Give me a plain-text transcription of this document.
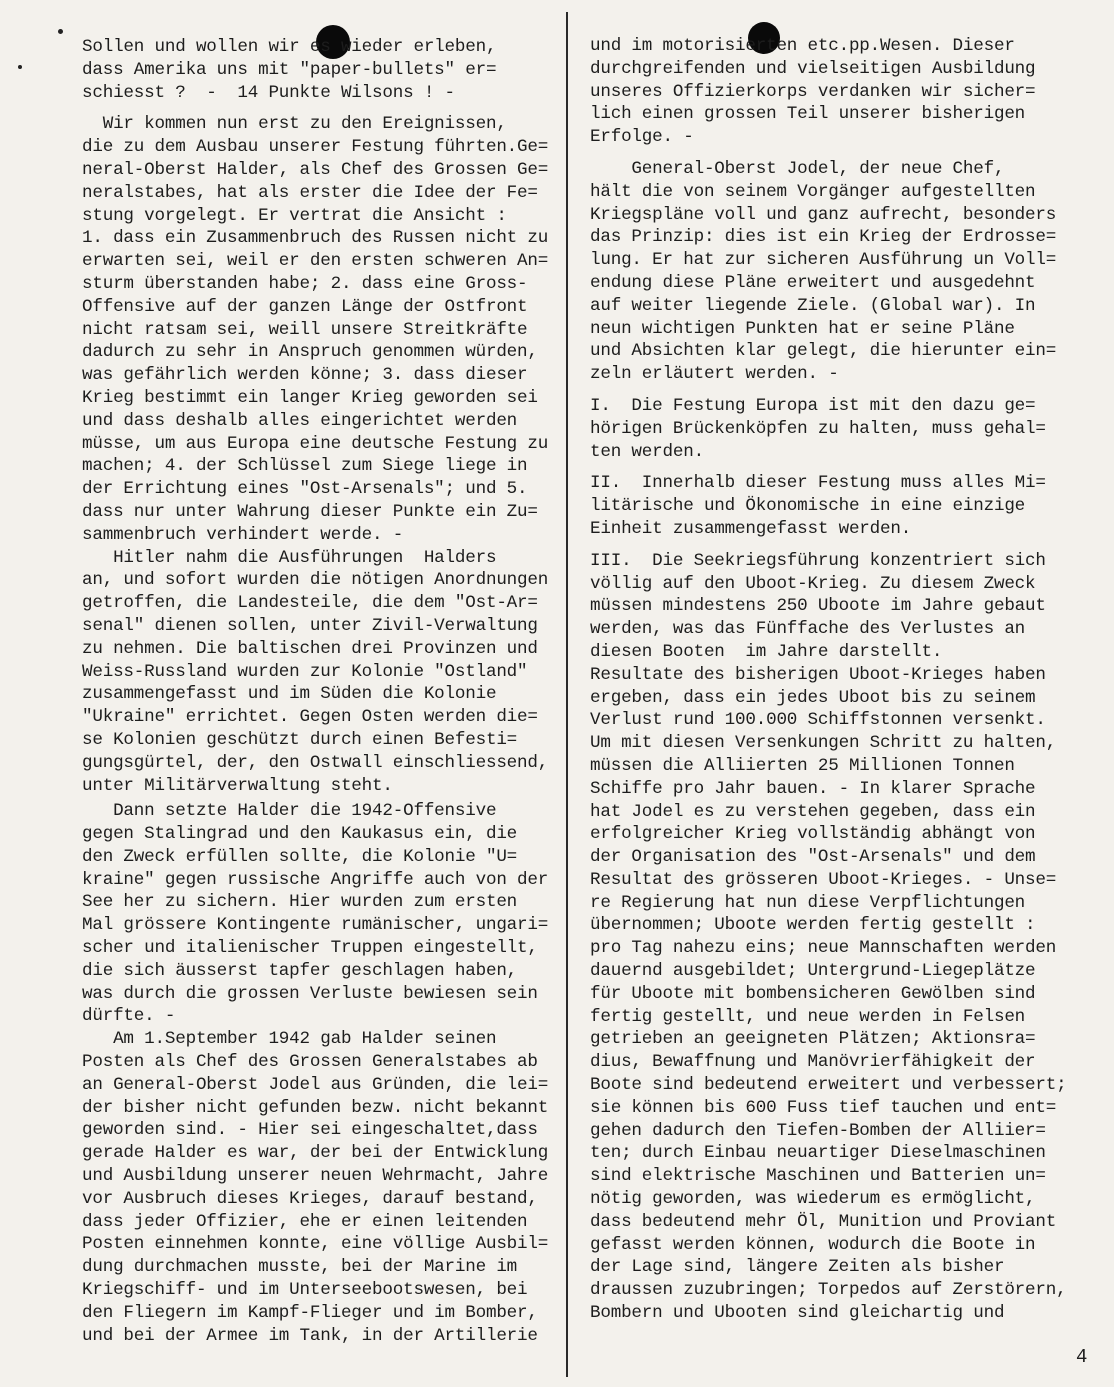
Sollen und wollen wir es wieder erleben,
dass Amerika uns mit "paper-bullets" er=
schiesst ?  -  14 Punkte Wilsons ! -

Wir kommen nun erst zu den Ereignissen,
die zu dem Ausbau unserer Festung führten.Ge=
neral-Oberst Halder, als Chef des Grossen Ge=
neralstabes, hat als erster die Idee der Fe=
stung vorgelegt. Er vertrat die Ansicht :
1. dass ein Zusammenbruch des Russen nicht zu
erwarten sei, weil er den ersten schweren An=
sturm überstanden habe; 2. dass eine Gross-
Offensive auf der ganzen Länge der Ostfront
nicht ratsam sei, weill unsere Streitkräfte
dadurch zu sehr in Anspruch genommen würden,
was gefährlich werden könne; 3. dass dieser
Krieg bestimmt ein langer Krieg geworden sei
und dass deshalb alles eingerichtet werden
müsse, um aus Europa eine deutsche Festung zu
machen; 4. der Schlüssel zum Siege liege in
der Errichtung eines "Ost-Arsenals"; und 5.
dass nur unter Wahrung dieser Punkte ein Zu=
sammenbruch verhindert werde. -

Hitler nahm die Ausführungen  Halders
an, und sofort wurden die nötigen Anordnungen
getroffen, die Landesteile, die dem "Ost-Ar=
senal" dienen sollen, unter Zivil-Verwaltung
zu nehmen. Die baltischen drei Provinzen und
Weiss-Russland wurden zur Kolonie "Ostland"
zusammengefasst und im Süden die Kolonie
"Ukraine" errichtet. Gegen Osten werden die=
se Kolonien geschützt durch einen Befesti=
gungsgürtel, der, den Ostwall einschliessend,
unter Militärverwaltung steht.

Dann setzte Halder die 1942-Offensive
gegen Stalingrad und den Kaukasus ein, die
den Zweck erfüllen sollte, die Kolonie "U=
kraine" gegen russische Angriffe auch von der
See her zu sichern. Hier wurden zum ersten
Mal grössere Kontingente rumänischer, ungari=
scher und italienischer Truppen eingestellt,
die sich äusserst tapfer geschlagen haben,
was durch die grossen Verluste bewiesen sein
dürfte. -

Am 1.September 1942 gab Halder seinen
Posten als Chef des Grossen Generalstabes ab
an General-Oberst Jodel aus Gründen, die lei=
der bisher nicht gefunden bezw. nicht bekannt
geworden sind. - Hier sei eingeschaltet,dass
gerade Halder es war, der bei der Entwicklung
und Ausbildung unserer neuen Wehrmacht, Jahre
vor Ausbruch dieses Krieges, darauf bestand,
dass jeder Offizier, ehe er einen leitenden
Posten einnehmen konnte, eine völlige Ausbil=
dung durchmachen musste, bei der Marine im
Kriegschiff- und im Unterseebootswesen, bei
den Fliegern im Kampf-Flieger und im Bomber,
und bei der Armee im Tank, in der Artillerie

und im motorisierten etc.pp.Wesen. Dieser
durchgreifenden und vielseitigen Ausbildung
unseres Offizierkorps verdanken wir sicher=
lich einen grossen Teil unserer bisherigen
Erfolge. -

General-Oberst Jodel, der neue Chef,
hält die von seinem Vorgänger aufgestellten
Kriegspläne voll und ganz aufrecht, besonders
das Prinzip: dies ist ein Krieg der Erdrosse=
lung. Er hat zur sicheren Ausführung un Voll=
endung diese Pläne erweitert und ausgedehnt
auf weiter liegende Ziele. (Global war). In
neun wichtigen Punkten hat er seine Pläne
und Absichten klar gelegt, die hierunter ein=
zeln erläutert werden. -

I.  Die Festung Europa ist mit den dazu ge=
hörigen Brückenköpfen zu halten, muss gehal=
ten werden.

II.  Innerhalb dieser Festung muss alles Mi=
litärische und Ökonomische in eine einzige
Einheit zusammengefasst werden.

III.  Die Seekriegsführung konzentriert sich
völlig auf den Uboot-Krieg. Zu diesem Zweck
müssen mindestens 250 Uboote im Jahre gebaut
werden, was das Fünffache des Verlustes an
diesen Booten  im Jahre darstellt.
Resultate des bisherigen Uboot-Krieges haben
ergeben, dass ein jedes Uboot bis zu seinem
Verlust rund 100.000 Schiffstonnen versenkt.
Um mit diesen Versenkungen Schritt zu halten,
müssen die Alliierten 25 Millionen Tonnen
Schiffe pro Jahr bauen. - In klarer Sprache
hat Jodel es zu verstehen gegeben, dass ein
erfolgreicher Krieg vollständig abhängt von
der Organisation des "Ost-Arsenals" und dem
Resultat des grösseren Uboot-Krieges. - Unse=
re Regierung hat nun diese Verpflichtungen
übernommen; Uboote werden fertig gestellt :
pro Tag nahezu eins; neue Mannschaften werden
dauernd ausgebildet; Untergrund-Liegeplätze
für Uboote mit bombensicheren Gewölben sind
fertig gestellt, und neue werden in Felsen
getrieben an geeigneten Plätzen; Aktionsra=
dius, Bewaffnung und Manövrierfähigkeit der
Boote sind bedeutend erweitert und verbessert;
sie können bis 600 Fuss tief tauchen und ent=
gehen dadurch den Tiefen-Bomben der Alliier=
ten; durch Einbau neuartiger Dieselmaschinen
sind elektrische Maschinen und Batterien un=
nötig geworden, was wiederum es ermöglicht,
dass bedeutend mehr Öl, Munition und Proviant
gefasst werden können, wodurch die Boote in
der Lage sind, längere Zeiten als bisher
draussen zuzubringen; Torpedos auf Zerstörern,
Bombern und Ubooten sind gleichartig und

4
